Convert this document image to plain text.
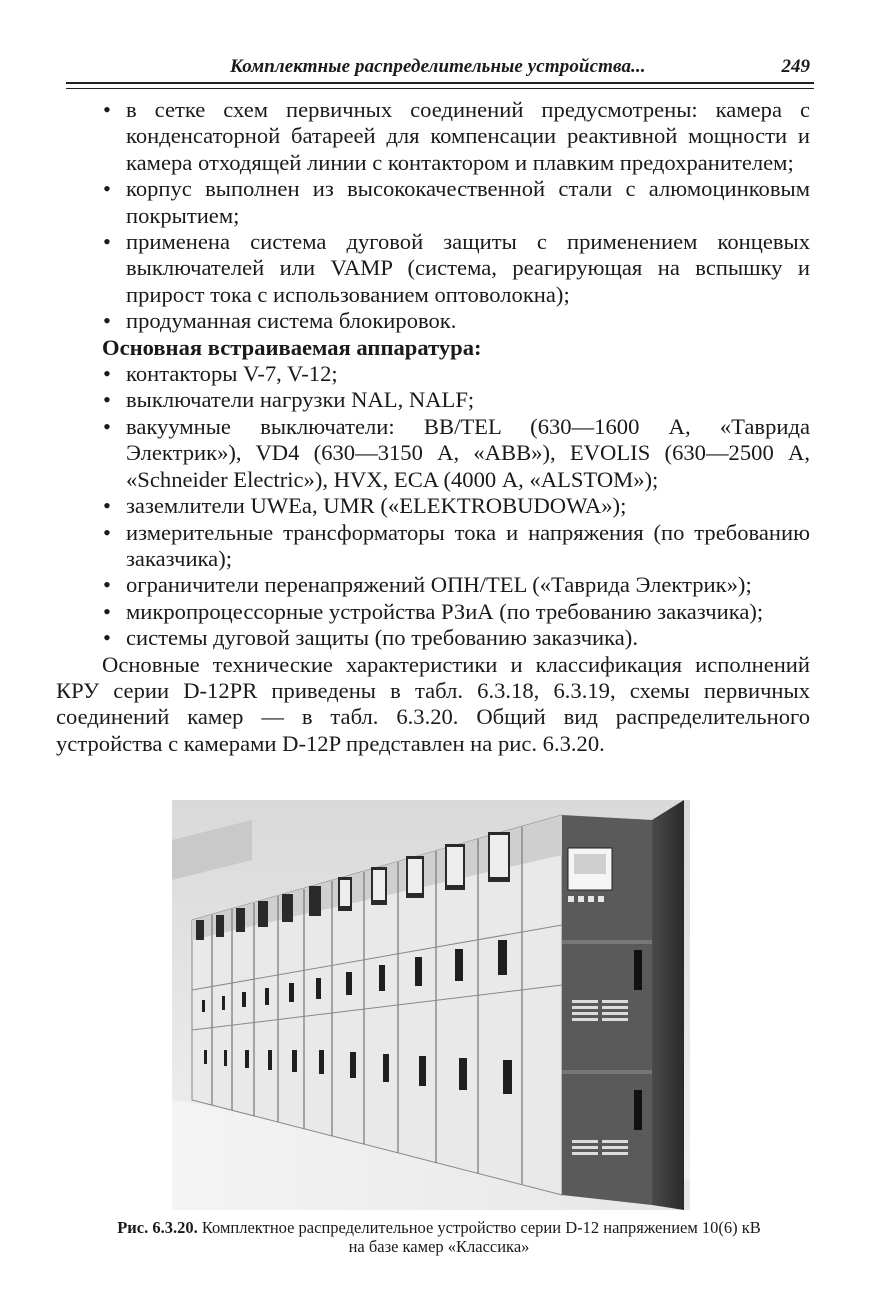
Комплектные распределительные устройства...	249
• в сетке схем первичных соединений предусмотрены: камера с конденсаторной батареей для компенсации реактивной мощности и камера отходящей линии с контактором и плавким предохранителем;
• корпус выполнен из высококачественной стали с алюмоцинковым покрытием;
• применена система дуговой защиты с применением концевых выключателей или VAMP (система, реагирующая на вспышку и прирост тока с использованием оптоволокна);
• продуманная система блокировок.

Основная встраиваемая аппаратура:

• контакторы V-7, V-12;
• выключатели нагрузки NAL, NALF;
• вакуумные выключатели: BB/TEL (630—1600 А, «Таврида Электрик»), VD4 (630—3150 А, «ABB»), EVOLIS (630—2500 А, «Schneider Electric»), HVX, ECA (4000 А, «ALSTOM»);
• заземлители UWEa, UMR («ELEKTROBUDOWA»);
• измерительные трансформаторы тока и напряжения (по требованию заказчика);
• ограничители перенапряжений ОПН/TEL («Таврида Электрик»);
• микропроцессорные устройства РЗиА (по требованию заказчика);
• системы дуговой защиты (по требованию заказчика).

Основные технические характеристики и классификация исполнений КРУ серии D-12PR приведены в табл. 6.3.18, 6.3.19, схемы первичных соединений камер — в табл. 6.3.20. Общий вид распределительного устройства с камерами D-12P представлен на рис. 6.3.20.

Рис. 6.3.20. Комплектное распределительное устройство серии D-12 напряжением 10(6) кВ
на базе камер «Классика»
